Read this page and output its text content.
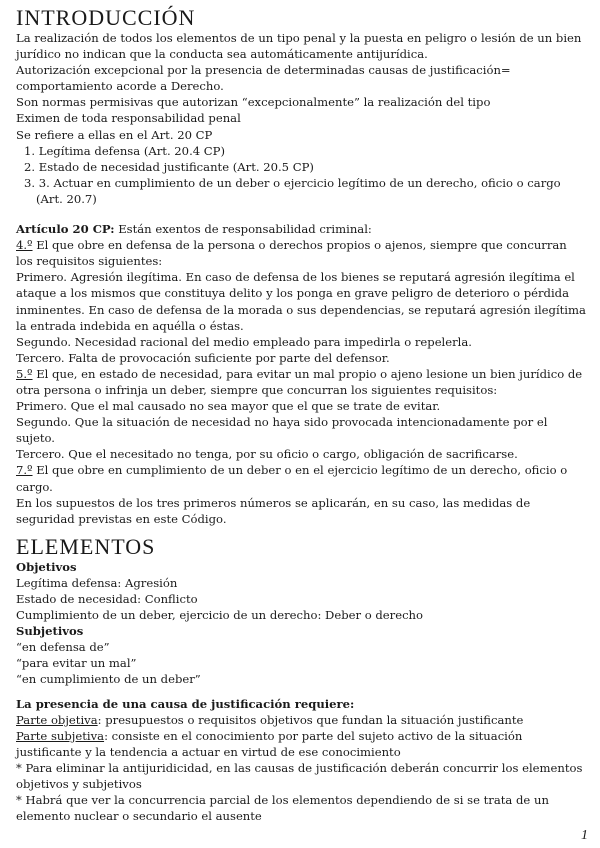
INTRODUCCIÓN

La realización de todos los elementos de un tipo penal y la puesta en peligro o lesión de un bien jurídico no indican que la conducta sea automáticamente antijurídica.

Autorización excepcional por la presencia de determinadas causas de justificación= comportamiento acorde a Derecho.

Son normas permisivas que autorizan “excepcionalmente” la realización del tipo

Eximen de toda responsabilidad penal

Se refiere a ellas en el Art. 20 CP

1. Legítima defensa (Art. 20.4 CP)
2. Estado de necesidad justificante (Art. 20.5 CP)
3. 3. Actuar en cumplimiento de un deber o ejercicio legítimo de un derecho, oficio o cargo (Art. 20.7)

Artículo 20 CP: Están exentos de responsabilidad criminal:

4.º El que obre en defensa de la persona o derechos propios o ajenos, siempre que concurran los requisitos siguientes:

Primero. Agresión ilegítima. En caso de defensa de los bienes se reputará agresión ilegítima el ataque a los mismos que constituya delito y los ponga en grave peligro de deterioro o pérdida inminentes. En caso de defensa de la morada o sus dependencias, se reputará agresión ilegítima la entrada indebida en aquélla o éstas.

Segundo. Necesidad racional del medio empleado para impedirla o repelerla.

Tercero. Falta de provocación suficiente por parte del defensor.

5.º El que, en estado de necesidad, para evitar un mal propio o ajeno lesione un bien jurídico de otra persona o infrinja un deber, siempre que concurran los siguientes requisitos:

Primero. Que el mal causado no sea mayor que el que se trate de evitar.

Segundo. Que la situación de necesidad no haya sido provocada intencionadamente por el sujeto.

Tercero. Que el necesitado no tenga, por su oficio o cargo, obligación de sacrificarse.

7.º El que obre en cumplimiento de un deber o en el ejercicio legítimo de un derecho, oficio o cargo.

En los supuestos de los tres primeros números se aplicarán, en su caso, las medidas de seguridad previstas en este Código.

ELEMENTOS

Objetivos

Legítima defensa: Agresión

Estado de necesidad: Conflicto

Cumplimiento de un deber, ejercicio de un derecho: Deber o derecho

Subjetivos

“en defensa de”

“para evitar un mal”

“en cumplimiento de un deber”

La presencia de una causa de justificación requiere:

Parte objetiva: presupuestos o requisitos objetivos que fundan la situación justificante

Parte subjetiva: consiste en el conocimiento por parte del sujeto activo de la situación justificante y la tendencia a actuar en virtud de ese conocimiento

* Para eliminar la antijuridicidad, en las causas de justificación deberán concurrir los elementos objetivos y subjetivos

* Habrá que ver la concurrencia parcial de los elementos dependiendo de si se trata de un elemento nuclear o secundario el ausente

1
